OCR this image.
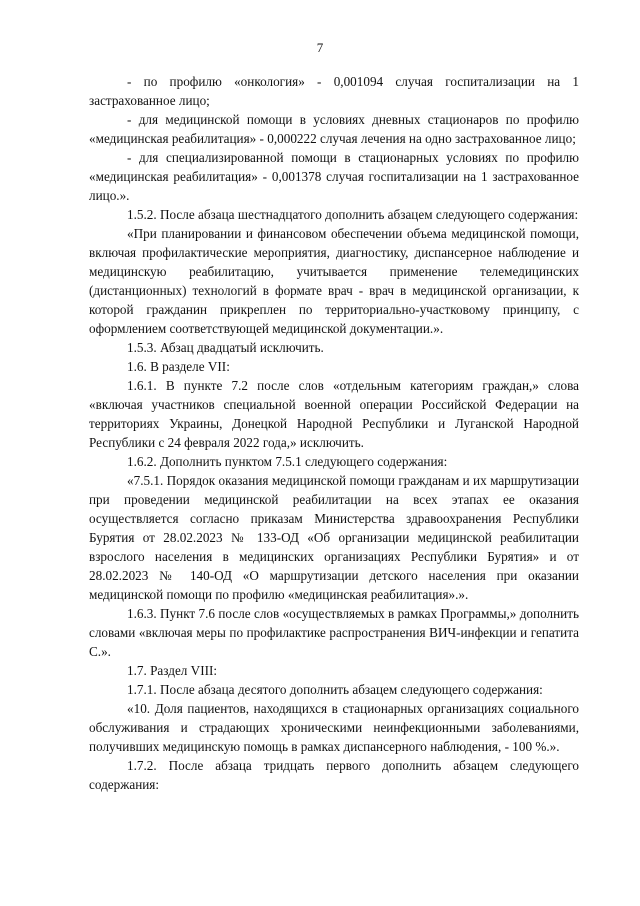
7

- по профилю «онкология» - 0,001094 случая госпитализации на 1 застрахованное лицо;

- для медицинской помощи в условиях дневных стационаров по профилю «медицинская реабилитация» - 0,000222 случая лечения на одно застрахованное лицо;

- для специализированной помощи в стационарных условиях по профилю «медицинская реабилитация» - 0,001378 случая госпитализации на 1 застрахованное лицо.».

1.5.2. После абзаца шестнадцатого дополнить абзацем следующего содержания:

«При планировании и финансовом обеспечении объема медицинской помощи, включая профилактические мероприятия, диагностику, диспансерное наблюдение и медицинскую реабилитацию, учитывается применение телемедицинских (дистанционных) технологий в формате врач - врач в медицинской организации, к которой гражданин прикреплен по территориально-участковому принципу, с оформлением соответствующей медицинской документации.».

1.5.3. Абзац двадцатый исключить.

1.6. В разделе VII:

1.6.1. В пункте 7.2 после слов «отдельным категориям граждан,» слова «включая участников специальной военной операции Российской Федерации на территориях Украины, Донецкой Народной Республики и Луганской Народной Республики с 24 февраля 2022 года,» исключить.

1.6.2. Дополнить пунктом 7.5.1 следующего содержания:

«7.5.1. Порядок оказания медицинской помощи гражданам и их маршрутизации при проведении медицинской реабилитации на всех этапах ее оказания осуществляется согласно приказам Министерства здравоохранения Республики Бурятия от 28.02.2023 № 133-ОД «Об организации медицинской реабилитации взрослого населения в медицинских организациях Республики Бурятия» и от 28.02.2023 № 140-ОД «О маршрутизации детского населения при оказании медицинской помощи по профилю «медицинская реабилитация».».

1.6.3. Пункт 7.6 после слов «осуществляемых в рамках Программы,» дополнить словами «включая меры по профилактике распространения ВИЧ-инфекции и гепатита С.».

1.7. Раздел VIII:

1.7.1. После абзаца десятого дополнить абзацем следующего содержания:

«10. Доля пациентов, находящихся в стационарных организациях социального обслуживания и страдающих хроническими неинфекционными заболеваниями, получивших медицинскую помощь в рамках диспансерного наблюдения, - 100 %.».

1.7.2. После абзаца тридцать первого дополнить абзацем следующего содержания:
